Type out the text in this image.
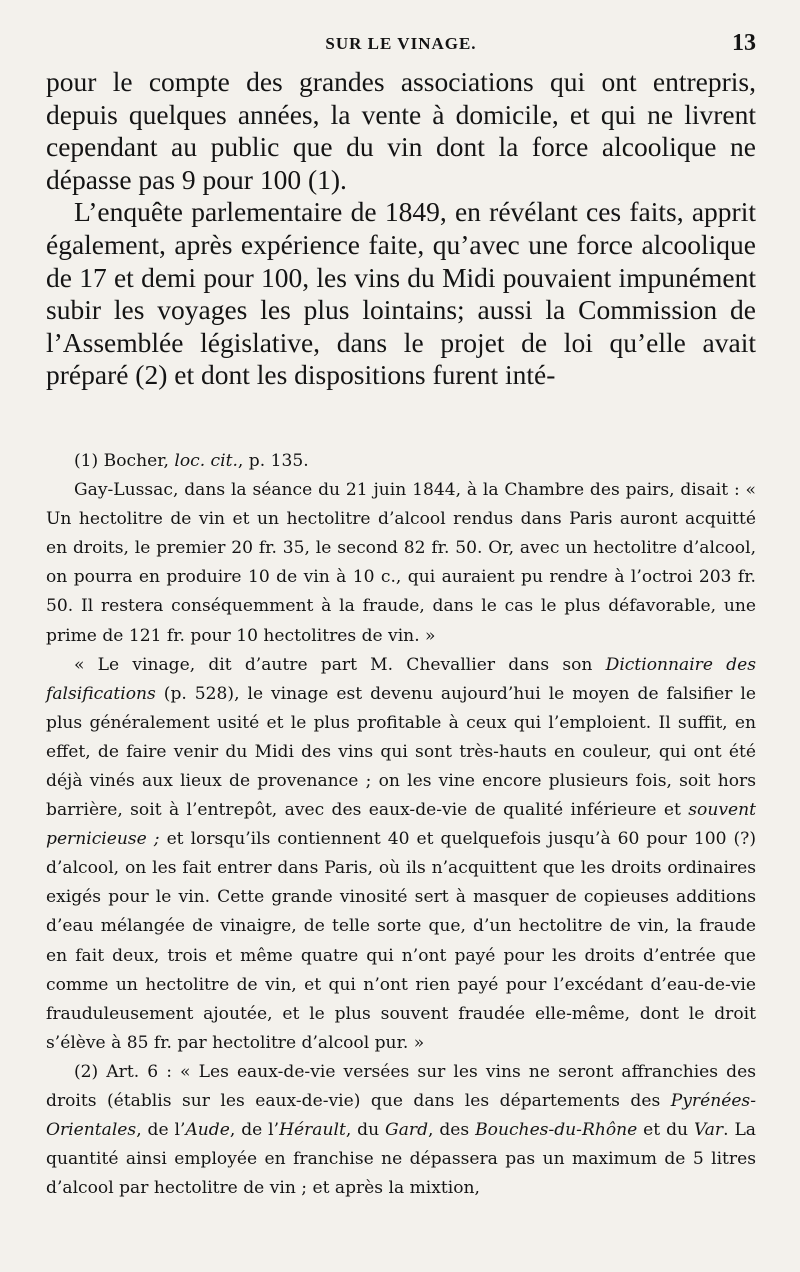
SUR LE VINAGE.	13

pour le compte des grandes associations qui ont entrepris, depuis quelques années, la vente à domicile, et qui ne livrent cependant au public que du vin dont la force alcoolique ne dépasse pas 9 pour 100 (1).

L’enquête parlementaire de 1849, en révélant ces faits, apprit également, après expérience faite, qu’avec une force alcoolique de 17 et demi pour 100, les vins du Midi pouvaient impunément subir les voyages les plus lointains; aussi la Commission de l’Assemblée législative, dans le projet de loi qu’elle avait préparé (2) et dont les dispositions furent inté-

(1) Bocher, loc. cit., p. 135.

Gay-Lussac, dans la séance du 21 juin 1844, à la Chambre des pairs, disait : « Un hectolitre de vin et un hectolitre d’alcool rendus dans Paris auront acquitté en droits, le premier 20 fr. 35, le second 82 fr. 50. Or, avec un hectolitre d’alcool, on pourra en produire 10 de vin à 10 c., qui auraient pu rendre à l’octroi 203 fr. 50. Il restera conséquemment à la fraude, dans le cas le plus défavorable, une prime de 121 fr. pour 10 hectolitres de vin. »

« Le vinage, dit d’autre part M. Chevallier dans son Dictionnaire des falsifications (p. 528), le vinage est devenu aujourd’hui le moyen de falsifier le plus généralement usité et le plus profitable à ceux qui l’emploient. Il suffit, en effet, de faire venir du Midi des vins qui sont très-hauts en couleur, qui ont été déjà vinés aux lieux de provenance ; on les vine encore plusieurs fois, soit hors barrière, soit à l’entrepôt, avec des eaux-de-vie de qualité inférieure et souvent pernicieuse ; et lorsqu’ils contiennent 40 et quelquefois jusqu’à 60 pour 100 (?) d’alcool, on les fait entrer dans Paris, où ils n’acquittent que les droits ordinaires exigés pour le vin. Cette grande vinosité sert à masquer de copieuses additions d’eau mélangée de vinaigre, de telle sorte que, d’un hectolitre de vin, la fraude en fait deux, trois et même quatre qui n’ont payé pour les droits d’entrée que comme un hectolitre de vin, et qui n’ont rien payé pour l’excédant d’eau-de-vie frauduleusement ajoutée, et le plus souvent fraudée elle-même, dont le droit s’élève à 85 fr. par hectolitre d’alcool pur. »

(2) Art. 6 : « Les eaux-de-vie versées sur les vins ne seront affranchies des droits (établis sur les eaux-de-vie) que dans les départements des Pyrénées-Orientales, de l’Aude, de l’Hérault, du Gard, des Bouches-du-Rhône et du Var. La quantité ainsi employée en franchise ne dépassera pas un maximum de 5 litres d’alcool par hectolitre de vin ; et après la mixtion,
